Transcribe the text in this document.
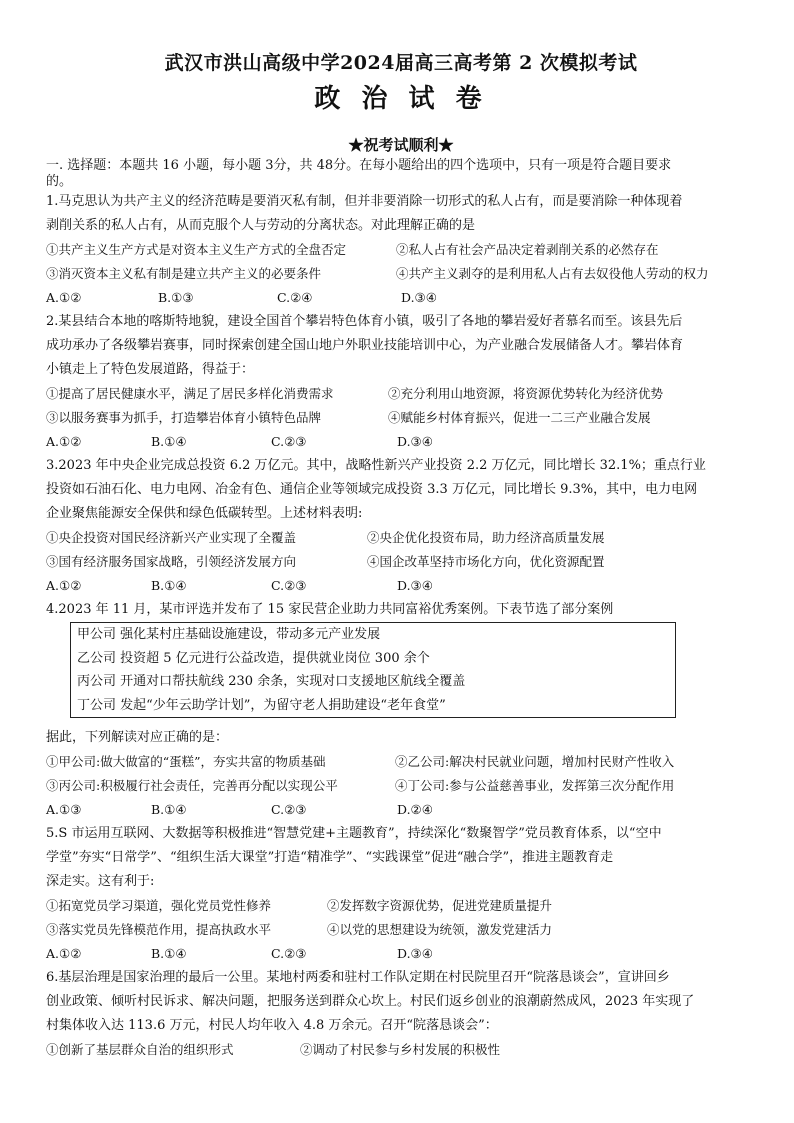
武汉市洪山高级中学2024届高三高考第 2 次模拟考试
政 治 试 卷
★祝考试顺利★

一. 选择题：本题共 16 小题，每小题 3分，共 48分。在每小题给出的四个选项中，只有一项是符合题目要求

的。

1.马克思认为共产主义的经济范畴是要消灭私有制，但并非要消除一切形式的私人占有，而是要消除一种体现着

剥削关系的私人占有，从而克服个人与劳动的分离状态。对此理解正确的是

①共产主义生产方式是对资本主义生产方式的全盘否定	②私人占有社会产品决定着剥削关系的必然存在
③消灭资本主义私有制是建立共产主义的必要条件	④共产主义剥夺的是利用私人占有去奴役他人劳动的权力
A.①②	B.①③	C.②④	D.③④

2.某县结合本地的喀斯特地貌，建设全国首个攀岩特色体育小镇，吸引了各地的攀岩爱好者慕名而至。该县先后

成功承办了各级攀岩赛事，同时探索创建全国山地户外职业技能培训中心，为产业融合发展储备人才。攀岩体育

小镇走上了特色发展道路，得益于：

①提高了居民健康水平，满足了居民多样化消费需求	②充分利用山地资源，将资源优势转化为经济优势
③以服务赛事为抓手，打造攀岩体育小镇特色品牌	④赋能乡村体育振兴，促进一二三产业融合发展
A.①②	B.①④	C.②③	D.③④

3.2023 年中央企业完成总投资 6.2 万亿元。其中，战略性新兴产业投资 2.2 万亿元，同比增长 32.1%；重点行业

投资如石油石化、电力电网、冶金有色、通信企业等领域完成投资 3.3 万亿元，同比增长 9.3%，其中，电力电网

企业聚焦能源安全保供和绿色低碳转型。上述材料表明:

①央企投资对国民经济新兴产业实现了全覆盖	②央企优化投资布局，助力经济高质量发展
③国有经济服务国家战略，引领经济发展方向	④国企改革坚持市场化方向，优化资源配置
A.①②	B.①④	C.②③	D.③④

4.2023 年 11 月，某市评选并发布了 15 家民营企业助力共同富裕优秀案例。下表节选了部分案例

甲公司 强化某村庄基础设施建设，带动多元产业发展
乙公司 投资超 5 亿元进行公益改造，提供就业岗位 300 余个
丙公司 开通对口帮扶航线 230 余条，实现对口支援地区航线全覆盖
丁公司 发起“少年云助学计划”，为留守老人捐助建设“老年食堂”

据此，下列解读对应正确的是：

①甲公司:做大做富的“蛋糕”，夯实共富的物质基础	②乙公司:解决村民就业问题，增加村民财产性收入
③丙公司:积极履行社会责任，完善再分配以实现公平	④丁公司:参与公益慈善事业，发挥第三次分配作用
A.①③	B.①④	C.②③	D.②④

5.S 市运用互联网、大数据等积极推进“智慧党建+主题教育”，持续深化“数聚智学”党员教育体系，以“空中

学堂”夯实“日常学”、“组织生活大课堂”打造“精准学”、“实践课堂”促进“融合学”，推进主题教育走

深走实。这有利于:

①拓宽党员学习渠道，强化党员党性修养	②发挥数字资源优势，促进党建质量提升
③落实党员先锋模范作用，提高执政水平	④以党的思想建设为统领，激发党建活力
A.①②	B.①④	C.②③	D.③④

6.基层治理是国家治理的最后一公里。某地村两委和驻村工作队定期在村民院里召开“院落恳谈会”，宣讲回乡

创业政策、倾听村民诉求、解决问题，把服务送到群众心坎上。村民们返乡创业的浪潮蔚然成风，2023 年实现了

村集体收入达 113.6 万元，村民人均年收入 4.8 万余元。召开“院落恳谈会”：

①创新了基层群众自治的组织形式	②调动了村民参与乡村发展的积极性
